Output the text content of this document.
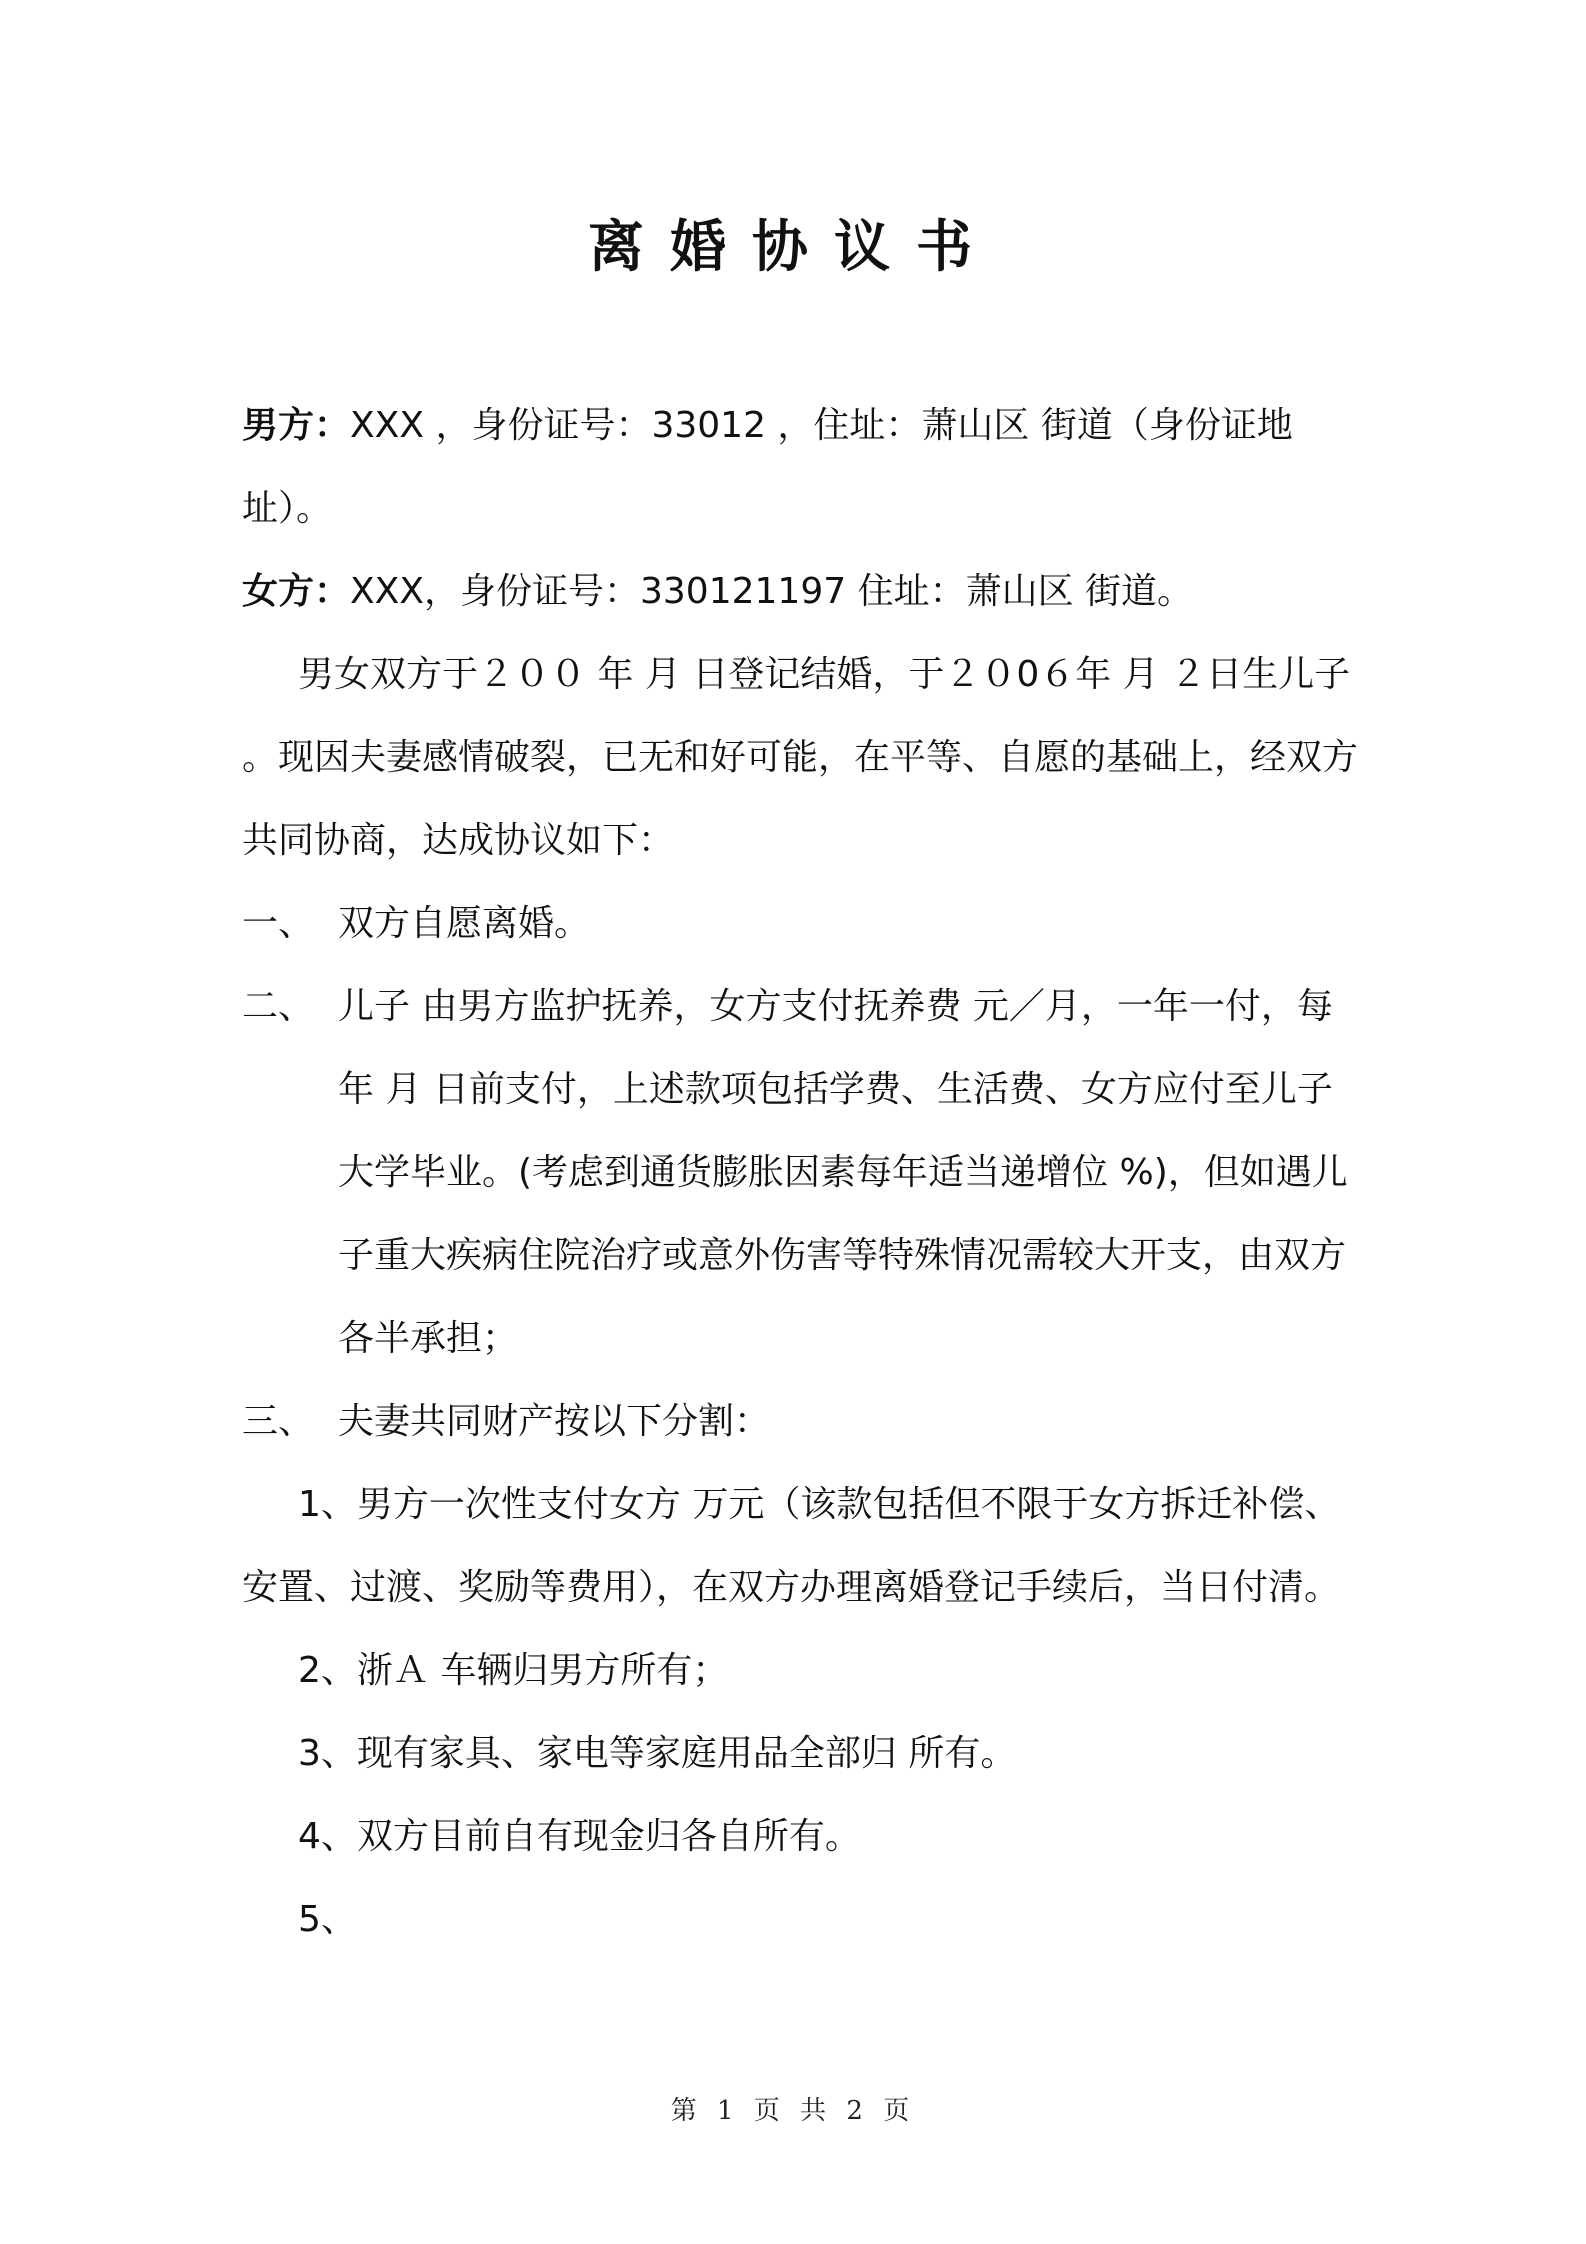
离婚协议书

男方：XXX ，身份证号：33012 ，住址：萧山区 街道（身份证地址）。

女方：XXX，身份证号：330121197 住址：萧山区 街道。

男女双方于２００ 年 月 日登记结婚，于２０0６年 月 ２日生儿子 。现因夫妻感情破裂，已无和好可能，在平等、自愿的基础上，经双方共同协商，达成协议如下：

一、 双方自愿离婚。
二、 儿子 由男方监护抚养，女方支付抚养费 元／月，一年一付，每年 月 日前支付，上述款项包括学费、生活费、女方应付至儿子大学毕业。(考虑到通货膨胀因素每年适当递增位 %)，但如遇儿子重大疾病住院治疗或意外伤害等特殊情况需较大开支，由双方各半承担；
三、 夫妻共同财产按以下分割：

1、男方一次性支付女方 万元（该款包括但不限于女方拆迁补偿、安置、过渡、奖励等费用），在双方办理离婚登记手续后，当日付清。

2、浙Ａ 车辆归男方所有；

3、现有家具、家电等家庭用品全部归 所有。

4、双方目前自有现金归各自所有。

5、

第 1 页 共 2 页
